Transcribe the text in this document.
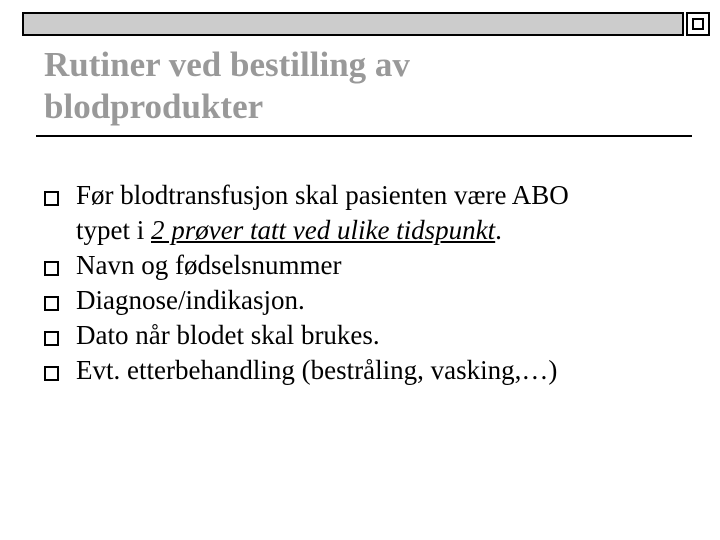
Rutiner ved bestilling av
blodprodukter
Før blodtransfusjon skal pasienten være ABO
typet i 2 prøver tatt ved ulike tidspunkt.
Navn og fødselsnummer
Diagnose/indikasjon.
Dato når blodet skal brukes.
Evt. etterbehandling (bestråling, vasking,…)
